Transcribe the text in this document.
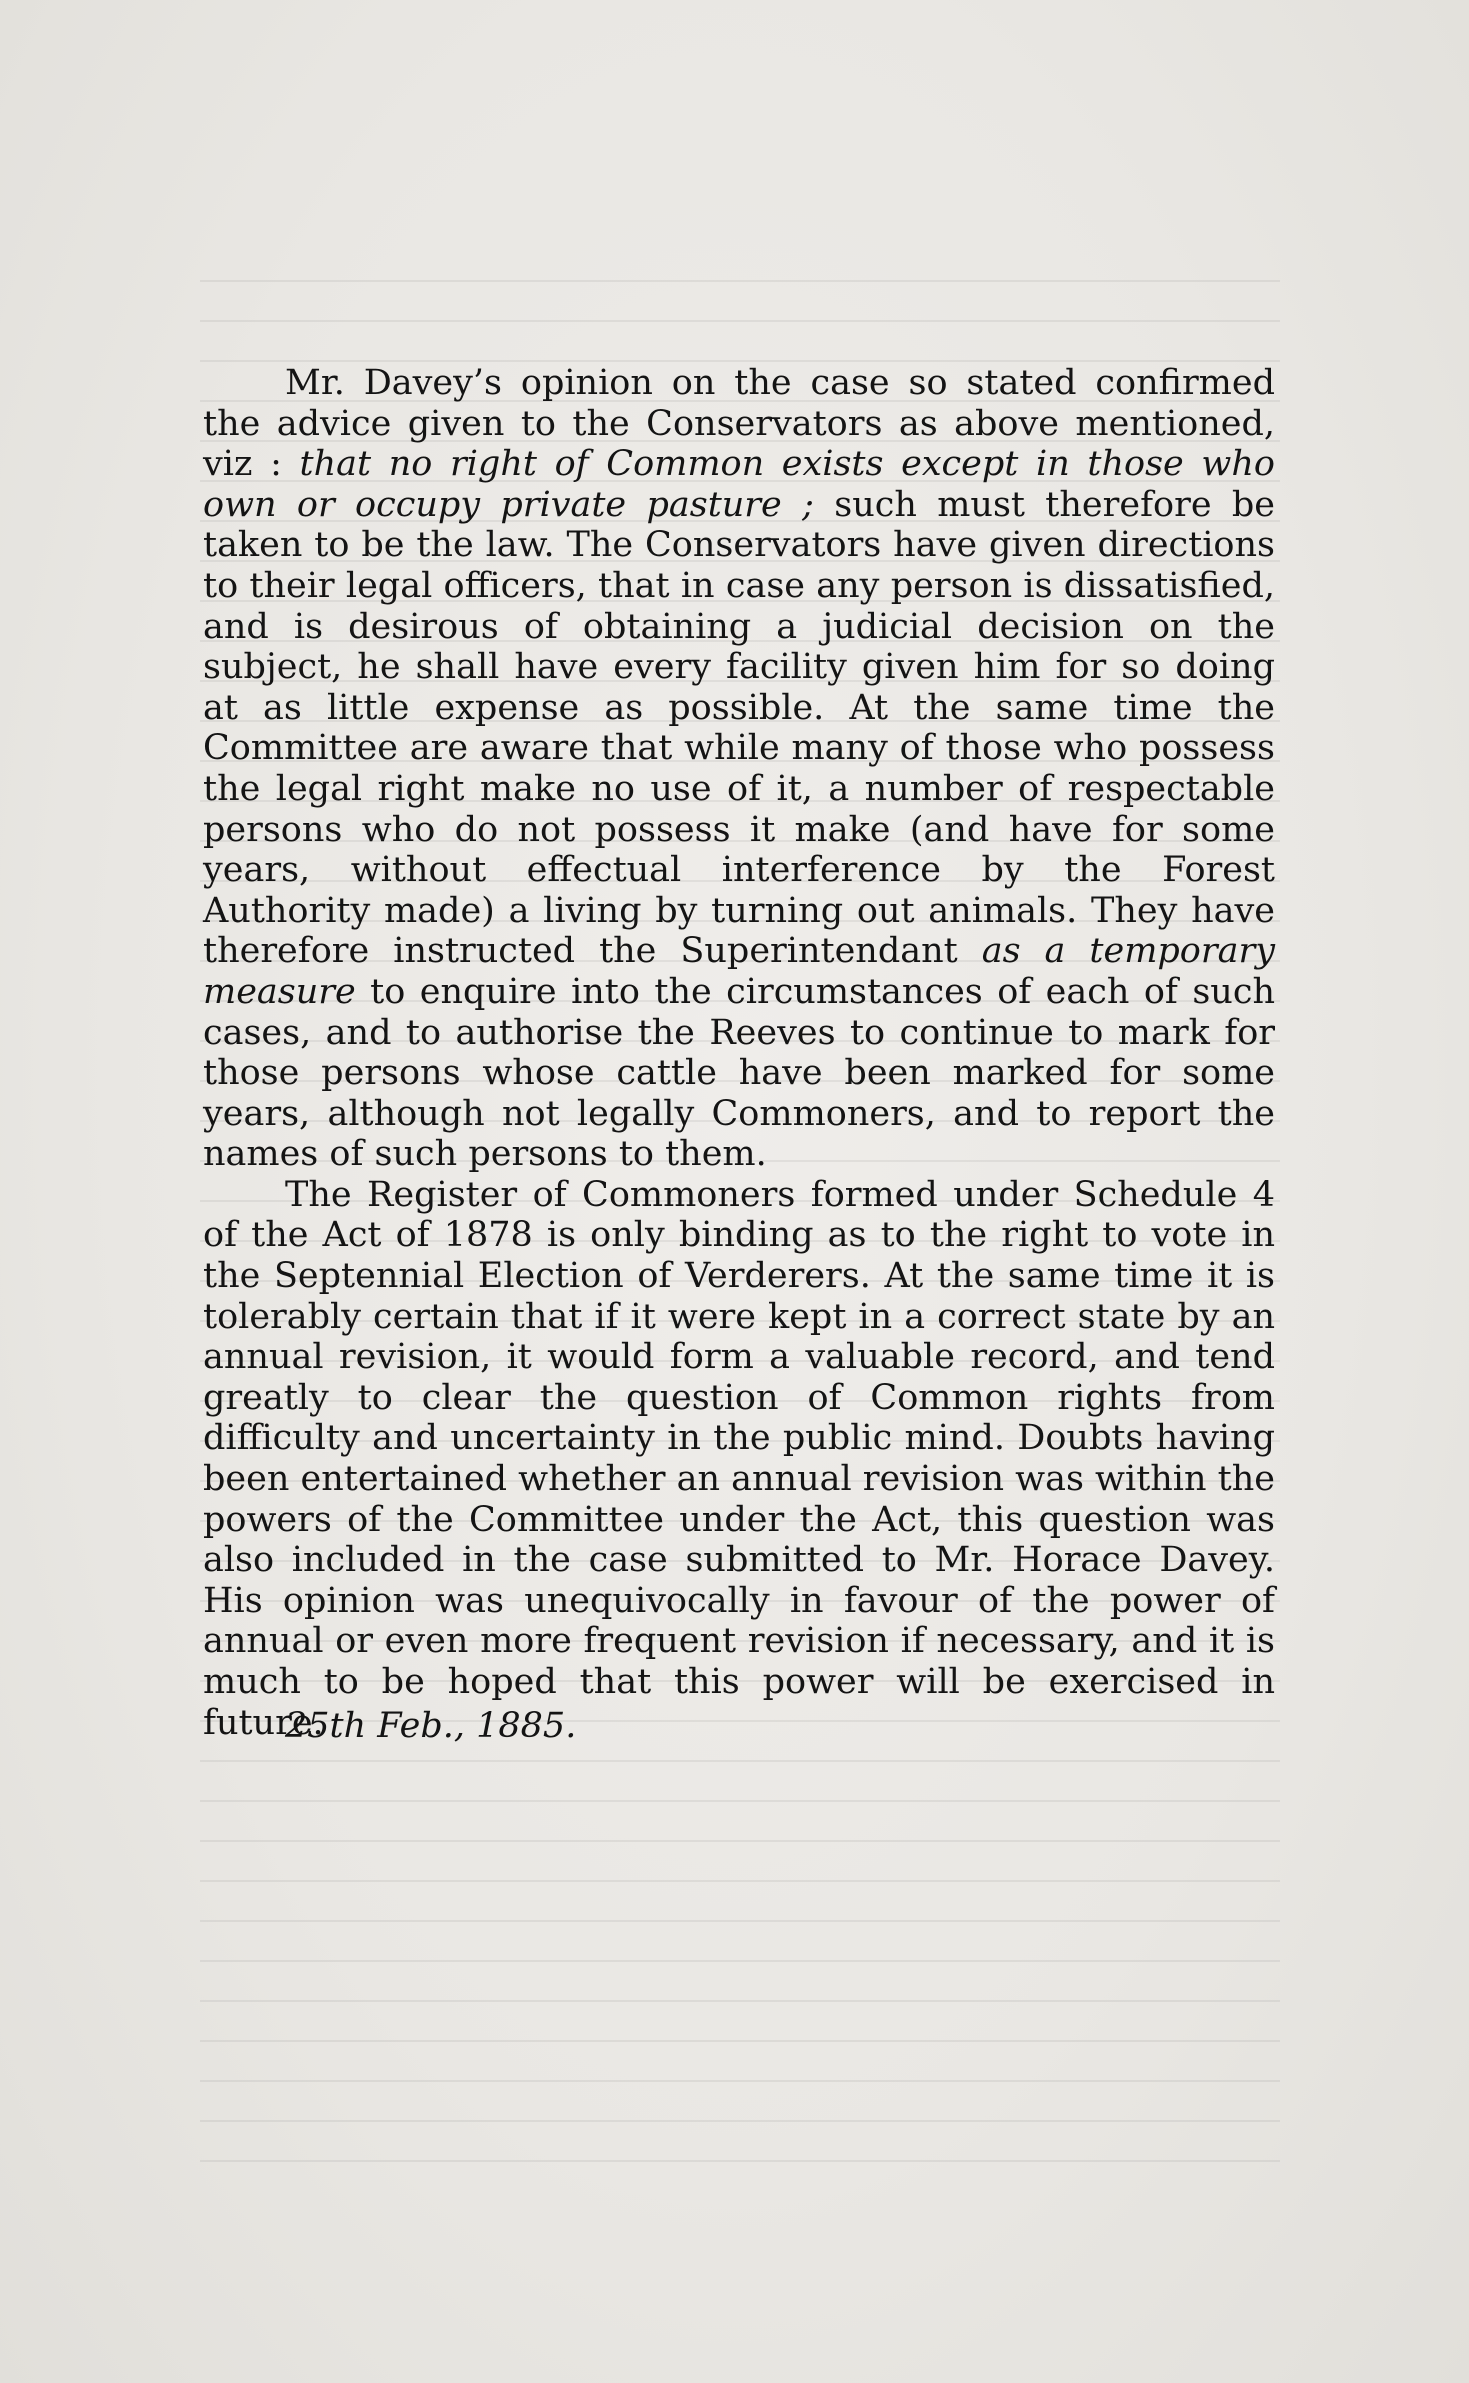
Mr. Davey’s opinion on the case so stated confirmed the advice given to the Conservators as above mentioned, viz : that no right of Common exists except in those who own or occupy private pasture ; such must therefore be taken to be the law. The Conservators have given directions to their legal officers, that in case any person is dissatisfied, and is desirous of obtaining a judicial decision on the subject, he shall have every facility given him for so doing at as little expense as possible. At the same time the Committee are aware that while many of those who possess the legal right make no use of it, a number of respectable persons who do not possess it make (and have for some years, without effectual interference by the Forest Authority made) a living by turning out animals. They have therefore instructed the Superintendant as a temporary measure to enquire into the circumstances of each of such cases, and to authorise the Reeves to continue to mark for those persons whose cattle have been marked for some years, although not legally Commoners, and to report the names of such persons to them.

The Register of Commoners formed under Schedule 4 of the Act of 1878 is only binding as to the right to vote in the Septennial Election of Verderers. At the same time it is tolerably certain that if it were kept in a correct state by an annual revision, it would form a valuable record, and tend greatly to clear the question of Common rights from difficulty and uncertainty in the public mind. Doubts having been entertained whether an annual revision was within the powers of the Committee under the Act, this question was also included in the case submitted to Mr. Horace Davey. His opinion was unequivocally in favour of the power of annual or even more frequent revision if necessary, and it is much to be hoped that this power will be exercised in future.

25th Feb., 1885.
